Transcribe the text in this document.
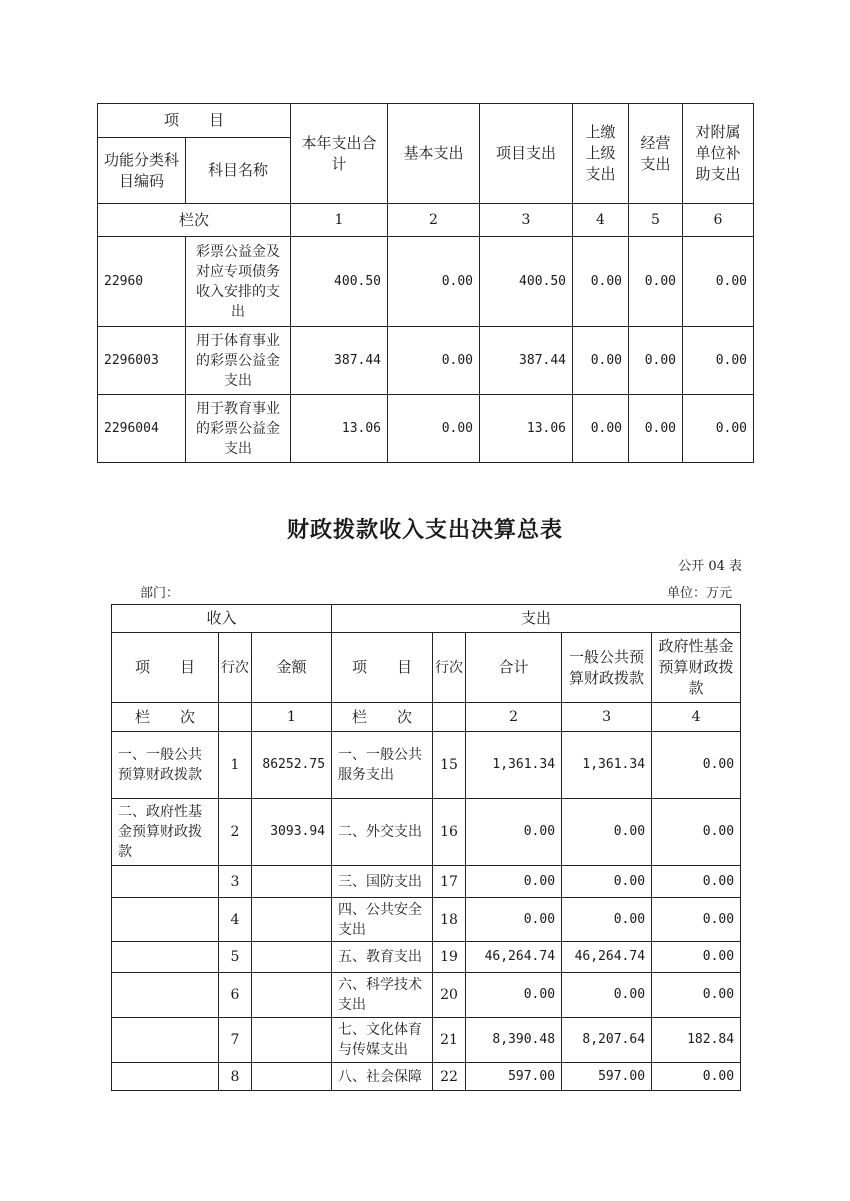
项　　目		本年支出合计	基本支出	项目支出	上缴上级支出	经营支出	对附属单位补助支出
功能分类科目编码	科目名称						
栏次		1	2	3	4	5	6
22960	彩票公益金及对应专项债务收入安排的支出	400.50	0.00	400.50	0.00	0.00	0.00
2296003	用于体育事业的彩票公益金支出	387.44	0.00	387.44	0.00	0.00	0.00
2296004	用于教育事业的彩票公益金支出	13.06	0.00	13.06	0.00	0.00	0.00
财政拨款收入支出决算总表
公开 04 表
部门：	单位：万元
收入			支出				
项　　目	行次	金额	项　　目	行次	合计	一般公共预算财政拨款	政府性基金预算财政拨款
栏　　次		1	栏　　次		2	3	4
一、一般公共预算财政拨款	1	86252.75	一、一般公共服务支出	15	1,361.34	1,361.34	0.00
二、政府性基金预算财政拨款	2	3093.94	二、外交支出	16	0.00	0.00	0.00
	3		三、国防支出	17	0.00	0.00	0.00
	4		四、公共安全支出	18	0.00	0.00	0.00
	5		五、教育支出	19	46,264.74	46,264.74	0.00
	6		六、科学技术支出	20	0.00	0.00	0.00
	7		七、文化体育与传媒支出	21	8,390.48	8,207.64	182.84
	8		八、社会保障	22	597.00	597.00	0.00
